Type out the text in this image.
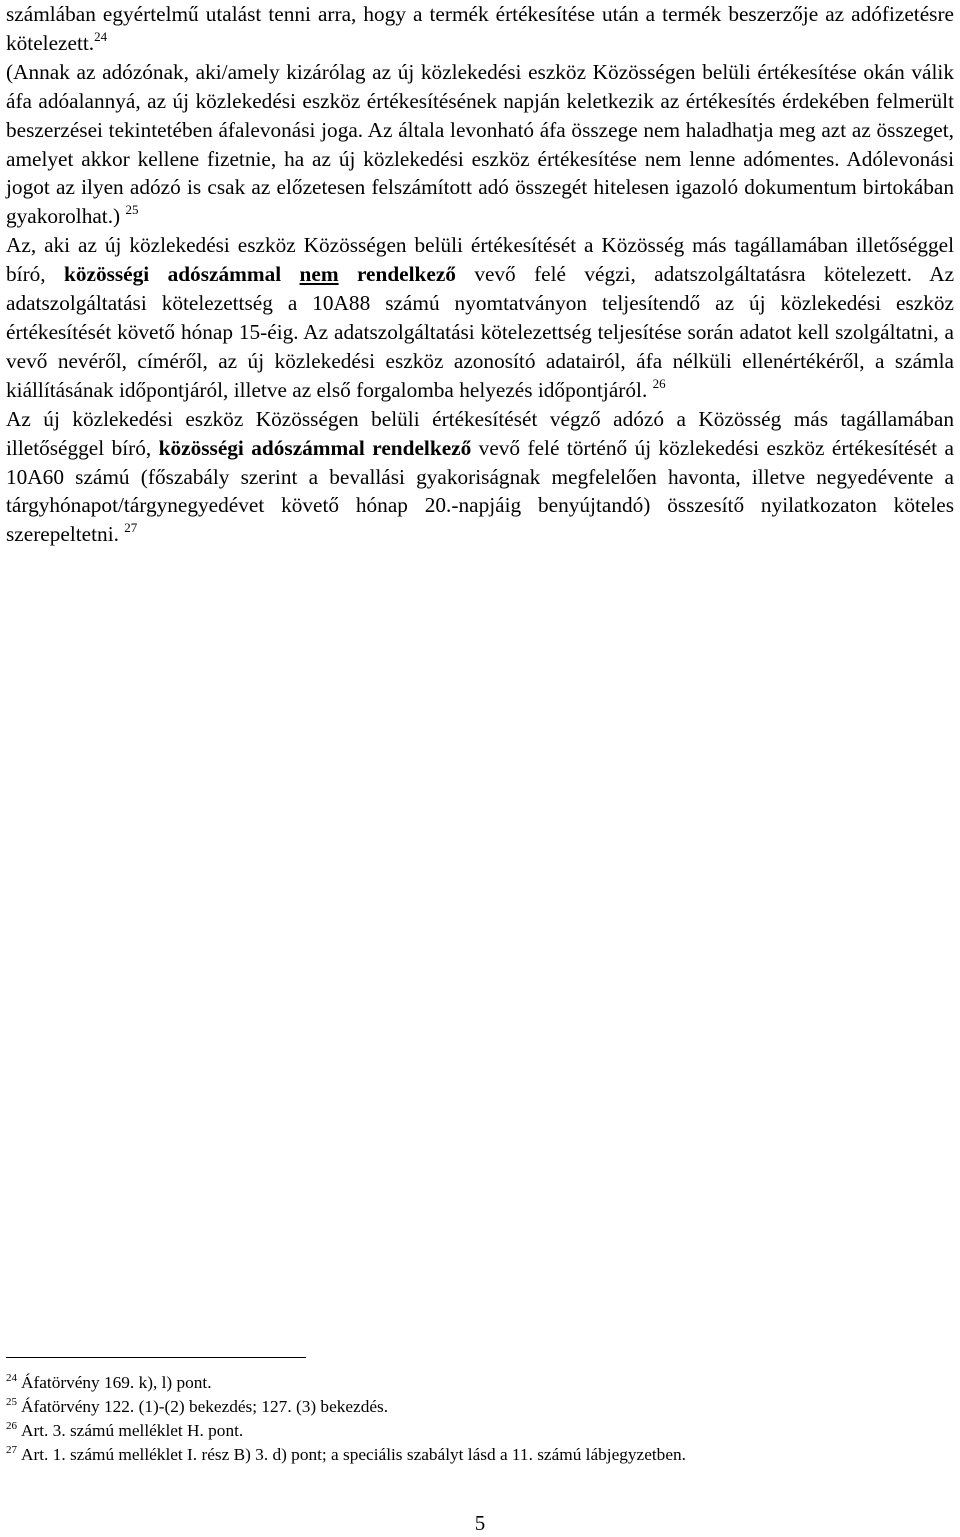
számlában egyértelmű utalást tenni arra, hogy a termék értékesítése után a termék beszerzője az adófizetésre kötelezett.$^{24}$

(Annak az adózónak, aki/amely kizárólag az új közlekedési eszköz Közösségen belüli értékesítése okán válik áfa adóalannyá, az új közlekedési eszköz értékesítésének napján keletkezik az értékesítés érdekében felmerült beszerzései tekintetében áfalevonási joga. Az általa levonható áfa összege nem haladhatja meg azt az összeget, amelyet akkor kellene fizetnie, ha az új közlekedési eszköz értékesítése nem lenne adómentes. Adólevonási jogot az ilyen adózó is csak az előzetesen felszámított adó összegét hitelesen igazoló dokumentum birtokában gyakorolhat.) $^{25}$

Az, aki az új közlekedési eszköz Közösségen belüli értékesítését a Közösség más tagállamában illetőséggel bíró, közösségi adószámmal nem rendelkező vevő felé végzi, adatszolgáltatásra kötelezett. Az adatszolgáltatási kötelezettség a 10A88 számú nyomtatványon teljesítendő az új közlekedési eszköz értékesítését követő hónap 15-éig. Az adatszolgáltatási kötelezettség teljesítése során adatot kell szolgáltatni, a vevő nevéről, címéről, az új közlekedési eszköz azonosító adatairól, áfa nélküli ellenértékéről, a számla kiállításának időpontjáról, illetve az első forgalomba helyezés időpontjáról. $^{26}$

Az új közlekedési eszköz Közösségen belüli értékesítését végző adózó a Közösség más tagállamában illetőséggel bíró, közösségi adószámmal rendelkező vevő felé történő új közlekedési eszköz értékesítését a 10A60 számú (főszabály szerint a bevallási gyakoriságnak megfelelően havonta, illetve negyedévente a tárgyhónapot/tárgynegyedévet követő hónap 20.-napjáig benyújtandó) összesítő nyilatkozaton köteles szerepeltetni. $^{27}$

$^{24}$ Áfatörvény 169. k), l) pont.
$^{25}$ Áfatörvény 122. (1)-(2) bekezdés; 127. (3) bekezdés.
$^{26}$ Art. 3. számú melléklet H. pont.
$^{27}$ Art. 1. számú melléklet I. rész B) 3. d) pont; a speciális szabályt lásd a 11. számú lábjegyzetben.
5
